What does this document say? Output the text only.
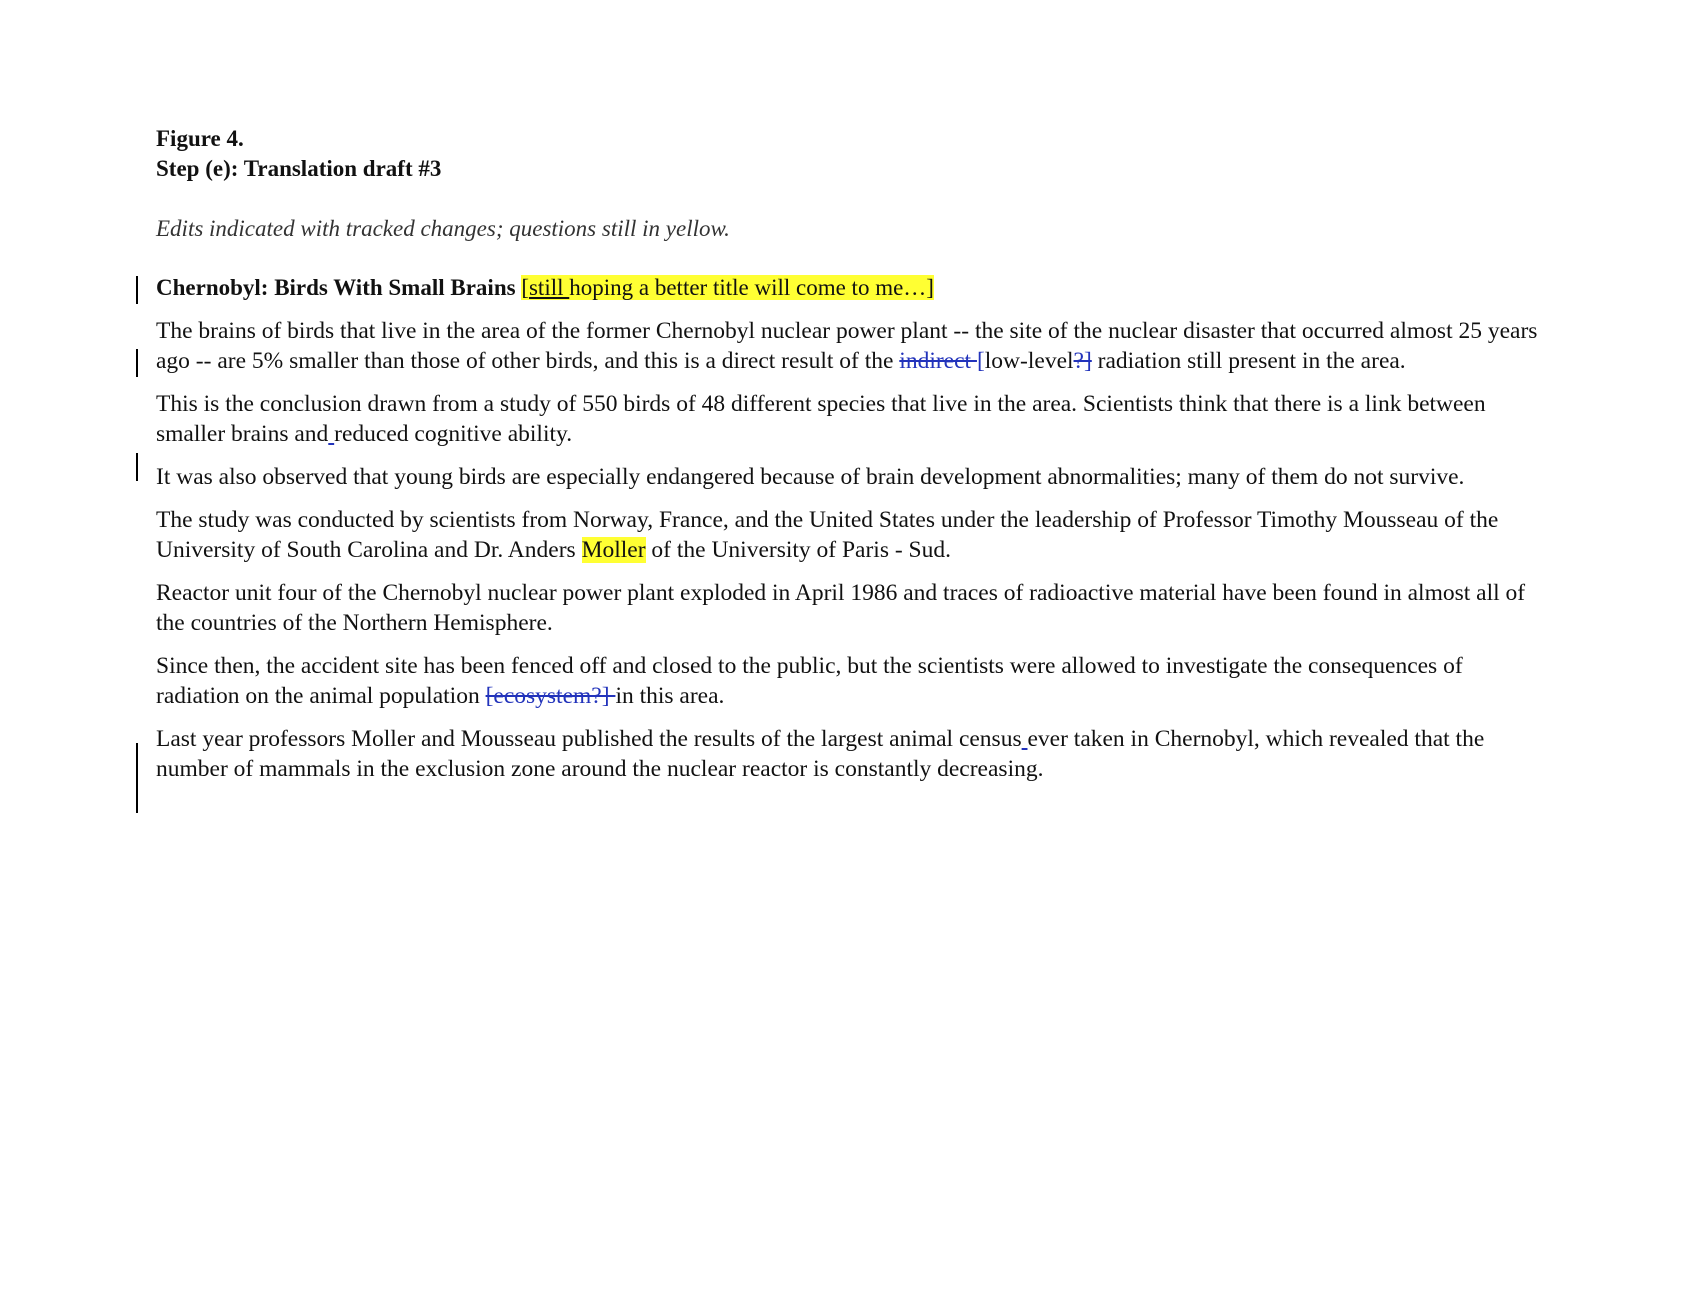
Figure 4.
Step (e): Translation draft #3
Edits indicated with tracked changes; questions still in yellow.
Chernobyl: Birds With Small Brains [still hoping a better title will come to me…]

The brains of birds that live in the area of the former Chernobyl nuclear power plant -- the site of the nuclear disaster that occurred almost 25 years ago -- are 5% smaller than those of other birds, and this is a direct result of the indirect [low-level?] radiation still present in the area.

This is the conclusion drawn from a study of 550 birds of 48 different species that live in the area. Scientists think that there is a link between smaller brains and reduced cognitive ability.

It was also observed that young birds are especially endangered because of brain development abnormalities; many of them do not survive.

The study was conducted by scientists from Norway, France, and the United States under the leadership of Professor Timothy Mousseau of the University of South Carolina and Dr. Anders Moller of the University of Paris - Sud.

Reactor unit four of the Chernobyl nuclear power plant exploded in April 1986 and traces of radioactive material have been found in almost all of the countries of the Northern Hemisphere.

Since then, the accident site has been fenced off and closed to the public, but the scientists were allowed to investigate the consequences of radiation on the animal population [ecosystem?] in this area.

Last year professors Moller and Mousseau published the results of the largest animal census ever taken in Chernobyl, which revealed that the number of mammals in the exclusion zone around the nuclear reactor is constantly decreasing.
